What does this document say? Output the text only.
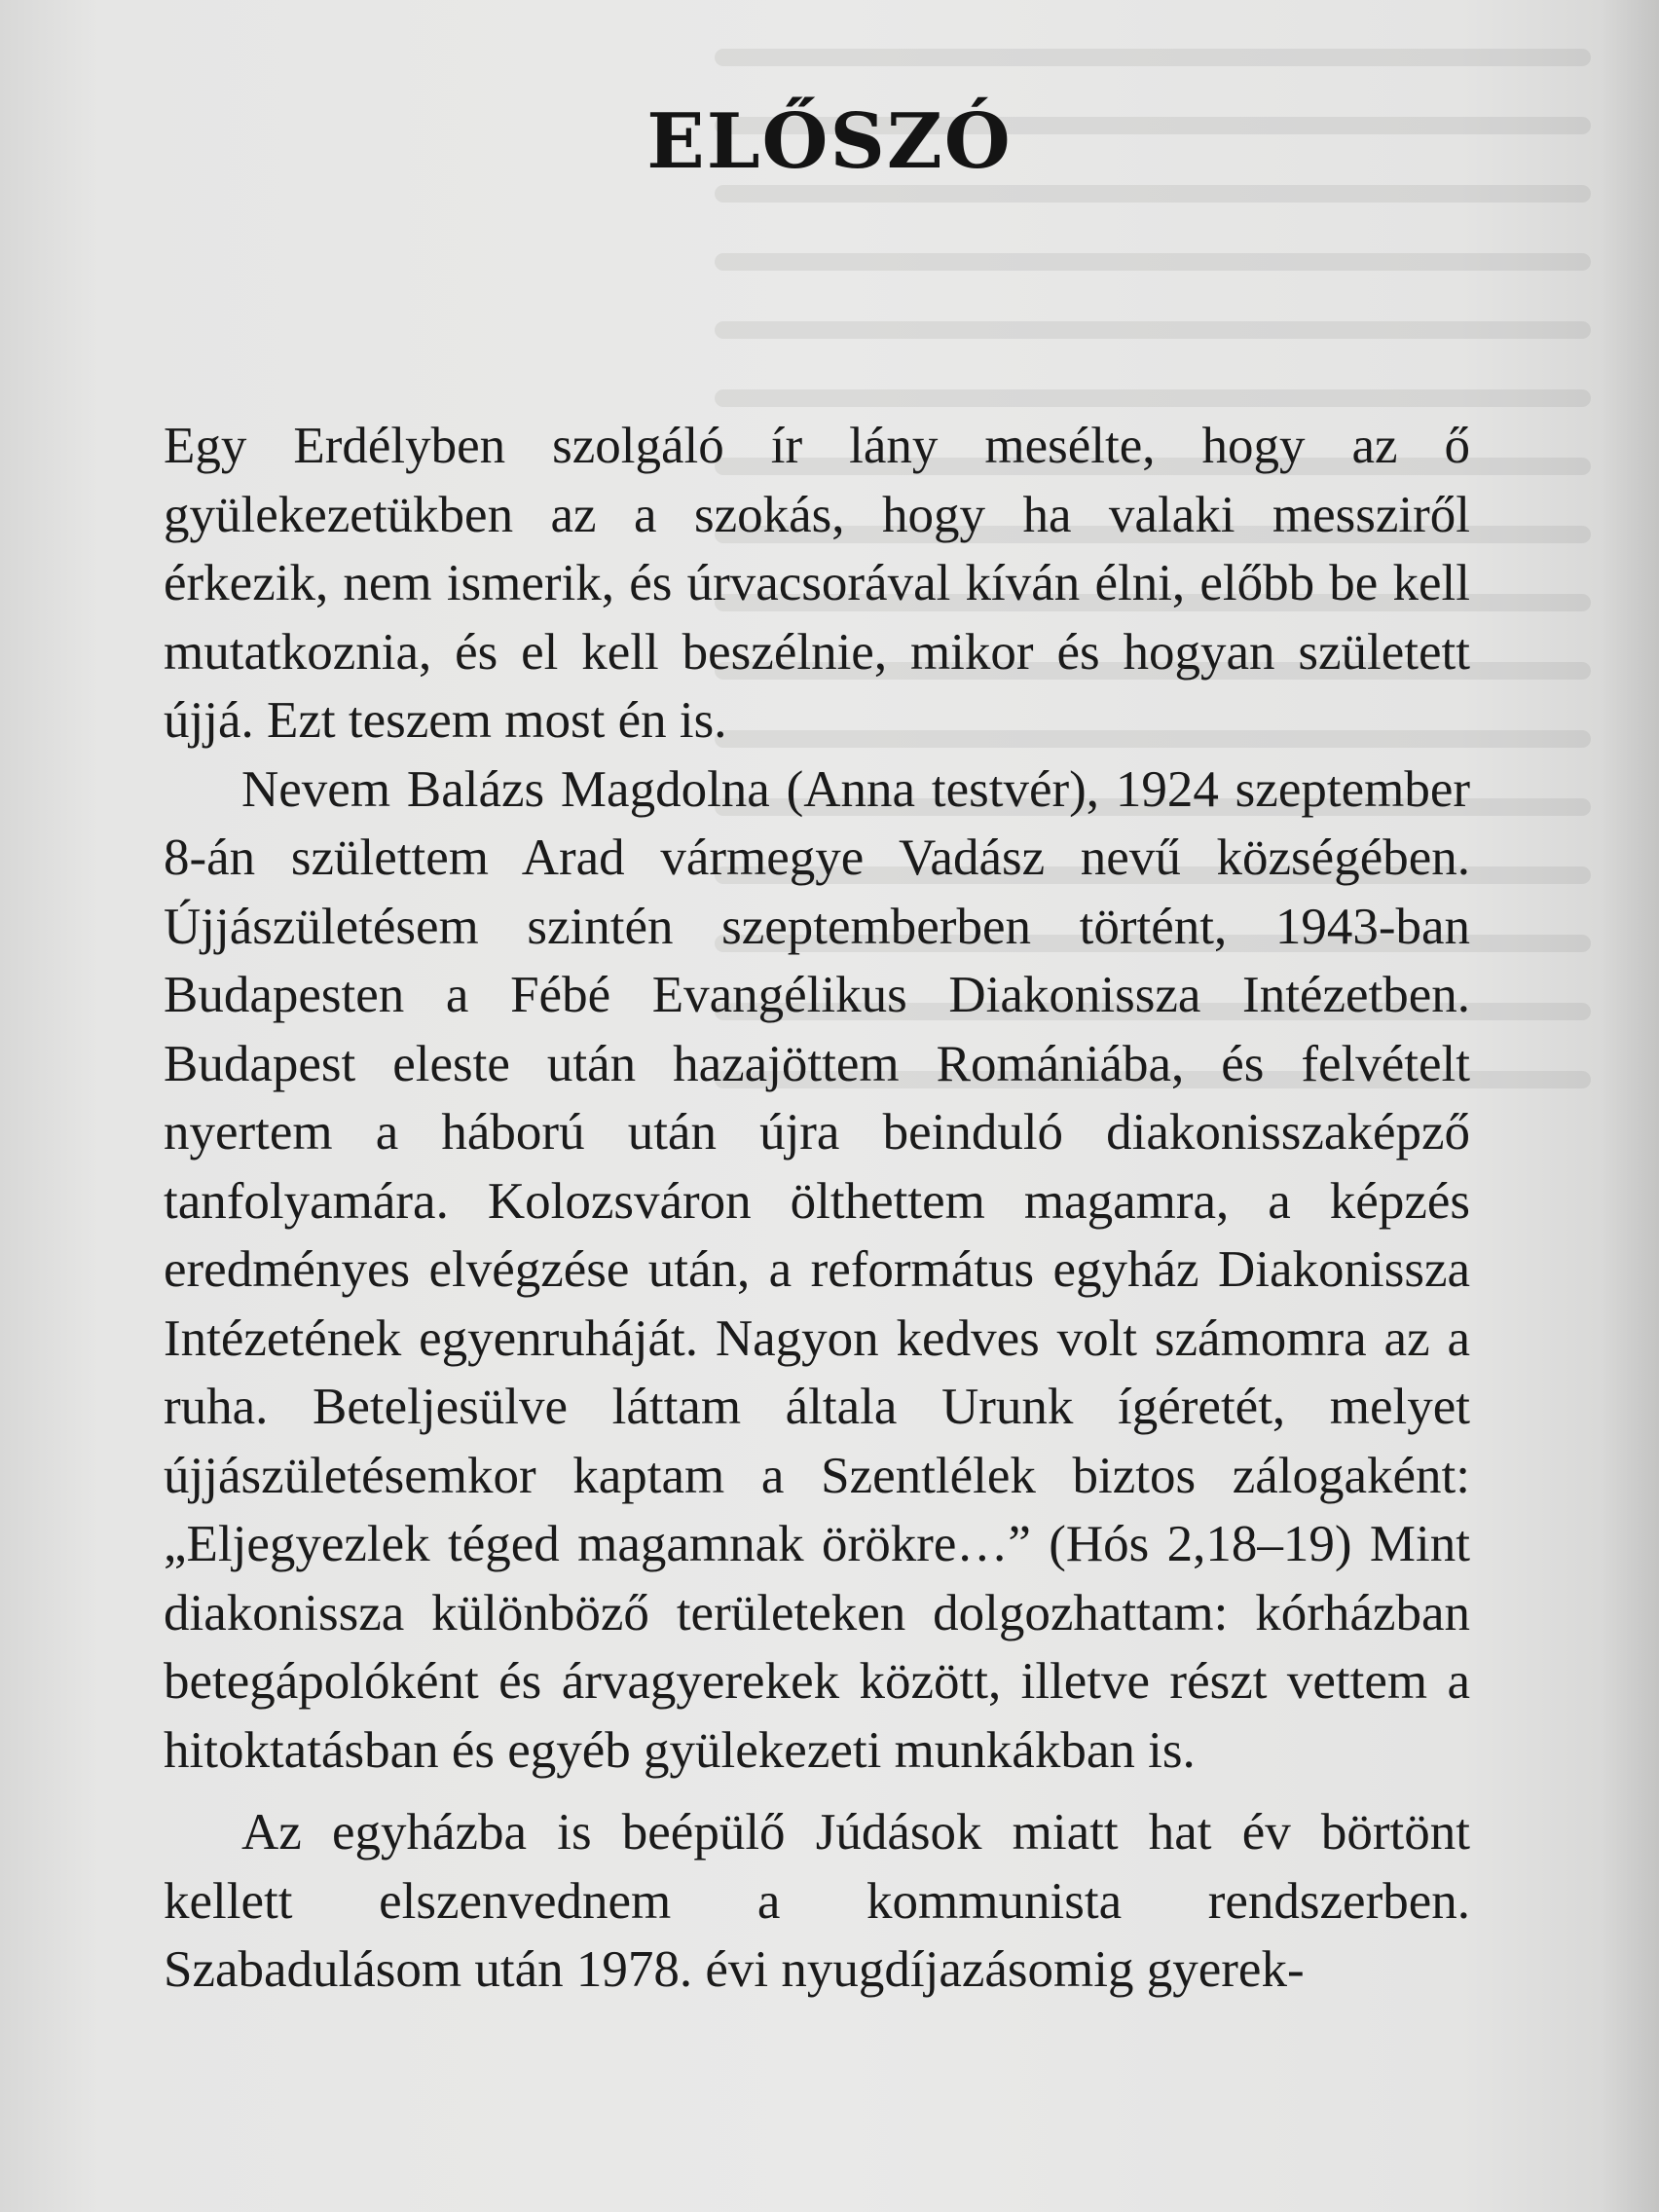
ELŐSZÓ

Egy Erdélyben szolgáló ír lány mesélte, hogy az ő gyülekezetükben az a szokás, hogy ha valaki messziről érkezik, nem ismerik, és úrvacsorával kíván élni, előbb be kell mutatkoznia, és el kell beszélnie, mikor és hogyan született újjá. Ezt teszem most én is.

Nevem Balázs Magdolna (Anna testvér), 1924 szeptember 8-án születtem Arad vármegye Vadász nevű községében. Újjászületésem szintén szeptemberben történt, 1943-ban Budapesten a Fébé Evangélikus Diakonissza Intézetben. Budapest eleste után hazajöttem Romániába, és felvételt nyertem a háború után újra beinduló diakonisszaképző tanfolyamára. Kolozsváron ölthettem magamra, a képzés eredményes elvégzése után, a református egyház Diakonissza Intézetének egyenruháját. Nagyon kedves volt számomra az a ruha. Beteljesülve láttam általa Urunk ígéretét, melyet újjászületésemkor kaptam a Szentlélek biztos zálogaként: „Eljegyezlek téged magamnak örökre…” (Hós 2,18–19) Mint diakonissza különböző területeken dolgozhattam: kórházban betegápolóként és árvagyerekek között, illetve részt vettem a hitoktatásban és egyéb gyülekezeti munkákban is.

Az egyházba is beépülő Júdások miatt hat év börtönt kellett elszenvednem a kommunista rendszerben. Szabadulásom után 1978. évi nyugdíjazásomig gyerek-
